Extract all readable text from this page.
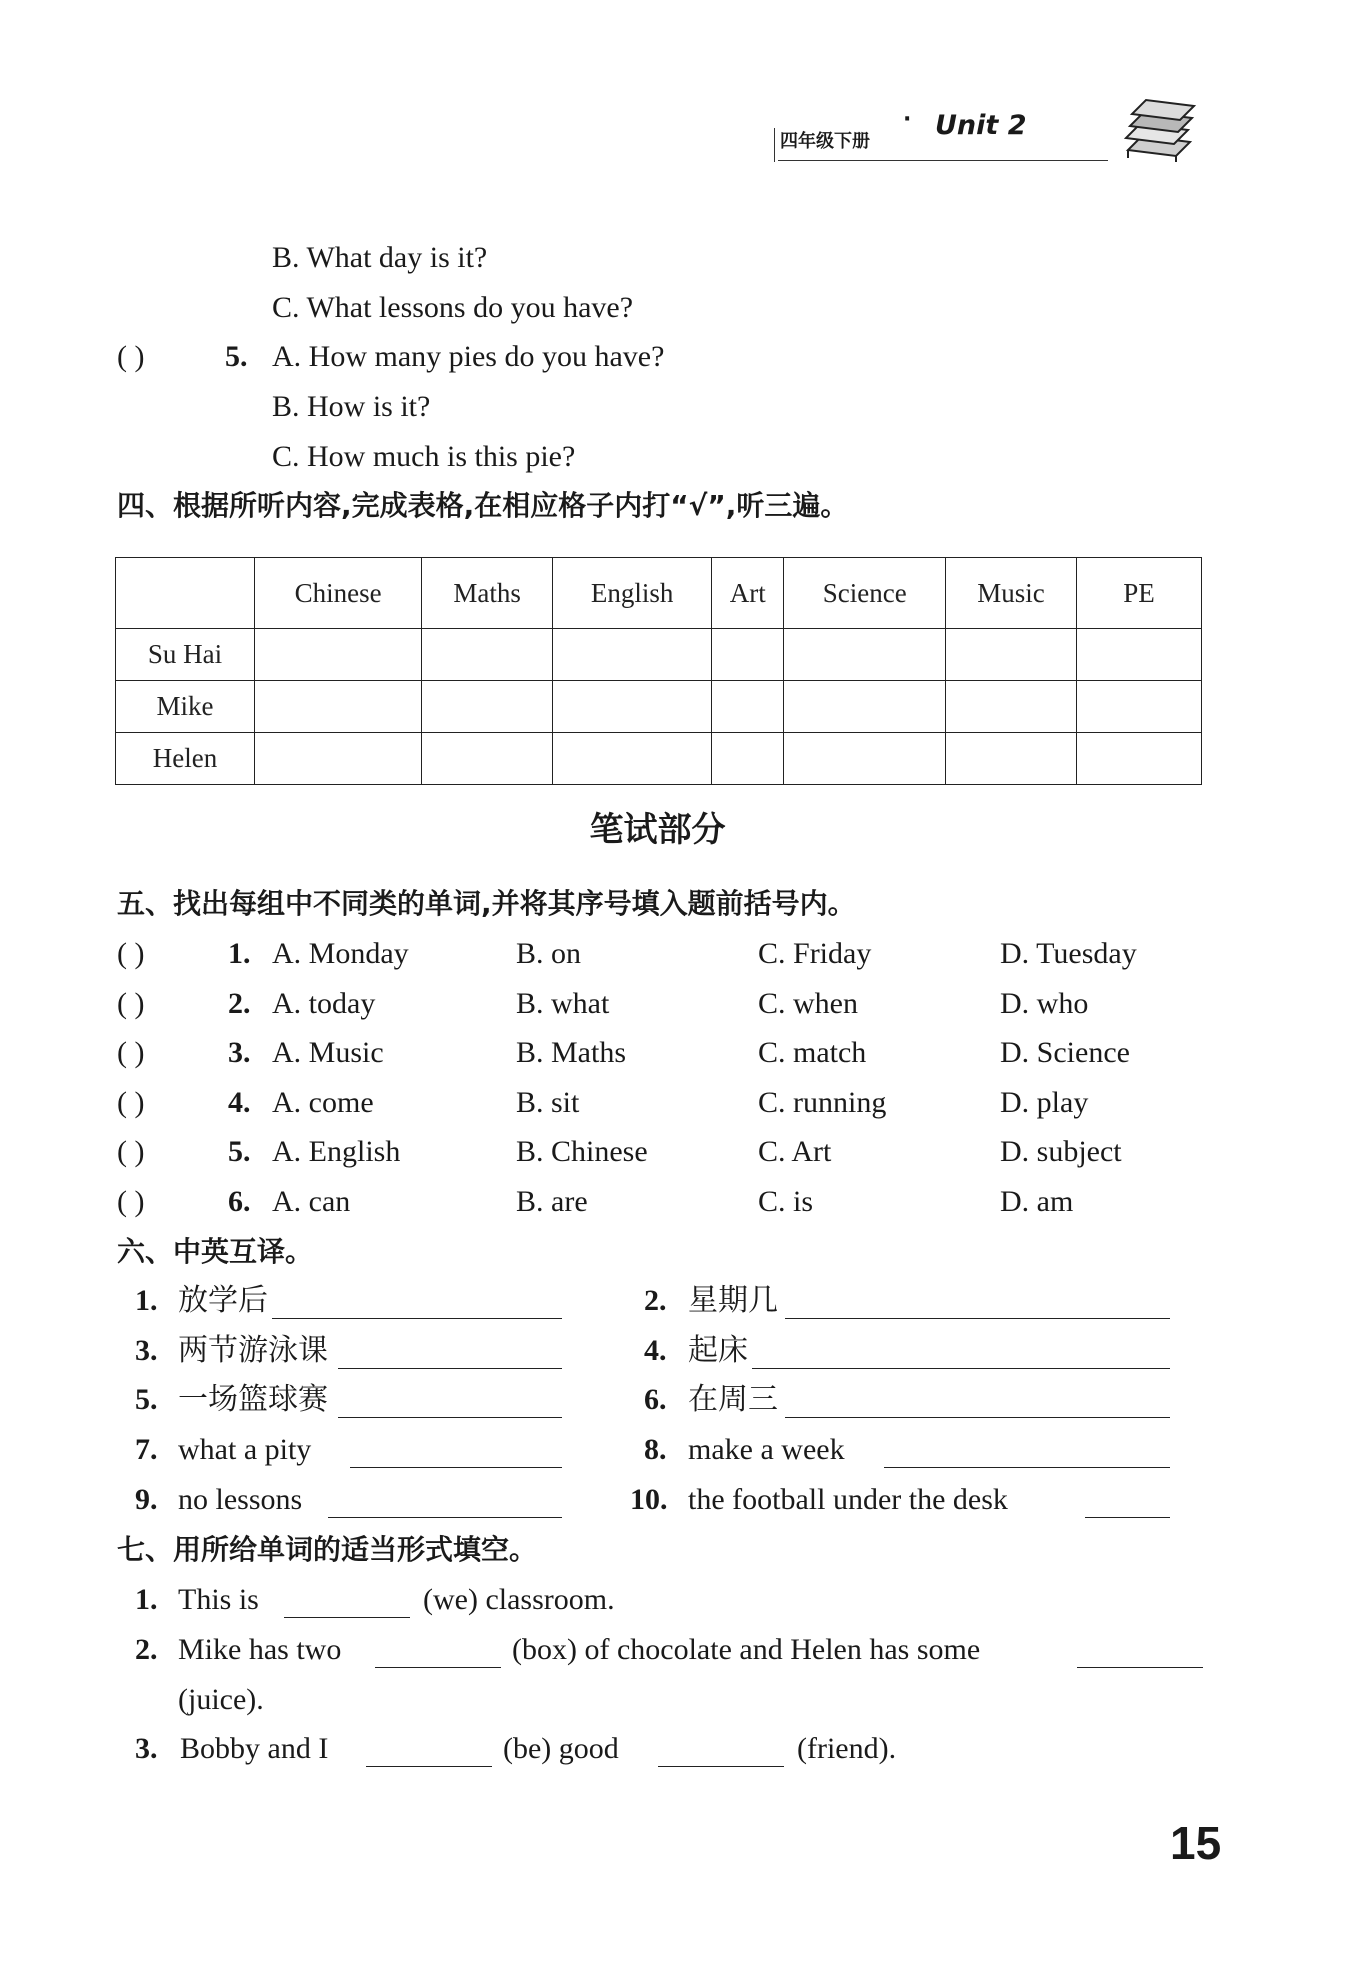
四年级下册
· Unit 2
B. What day is it?
C. What lessons do you have?
( )	5. A. How many pies do you have?
B. How is it?
C. How much is this pie?
四、根据所听内容,完成表格,在相应格子内打“√”,听三遍。
	Chinese	Maths	English	Art	Science	Music	PE
Su Hai							
Mike							
Helen							
笔试部分
五、找出每组中不同类的单词,并将其序号填入题前括号内。
( )	1. A. Monday	B. on	C. Friday	D. Tuesday
( )	2. A. today	B. what	C. when	D. who
( )	3. A. Music	B. Maths	C. match	D. Science
( )	4. A. come	B. sit	C. running	D. play
( )	5. A. English	B. Chinese	C. Art	D. subject
( )	6. A. can	B. are	C. is	D. am
六、中英互译。
1. 放学后	2. 星期几
3. 两节游泳课	4. 起床
5. 一场篮球赛	6. 在周三
7. what a pity	8. make a week
9. no lessons	10. the football under the desk
七、用所给单词的适当形式填空。
1. This is	(we) classroom.
2. Mike has two	(box) of chocolate and Helen has some
(juice).
3. Bobby and I	(be) good	(friend).
15
